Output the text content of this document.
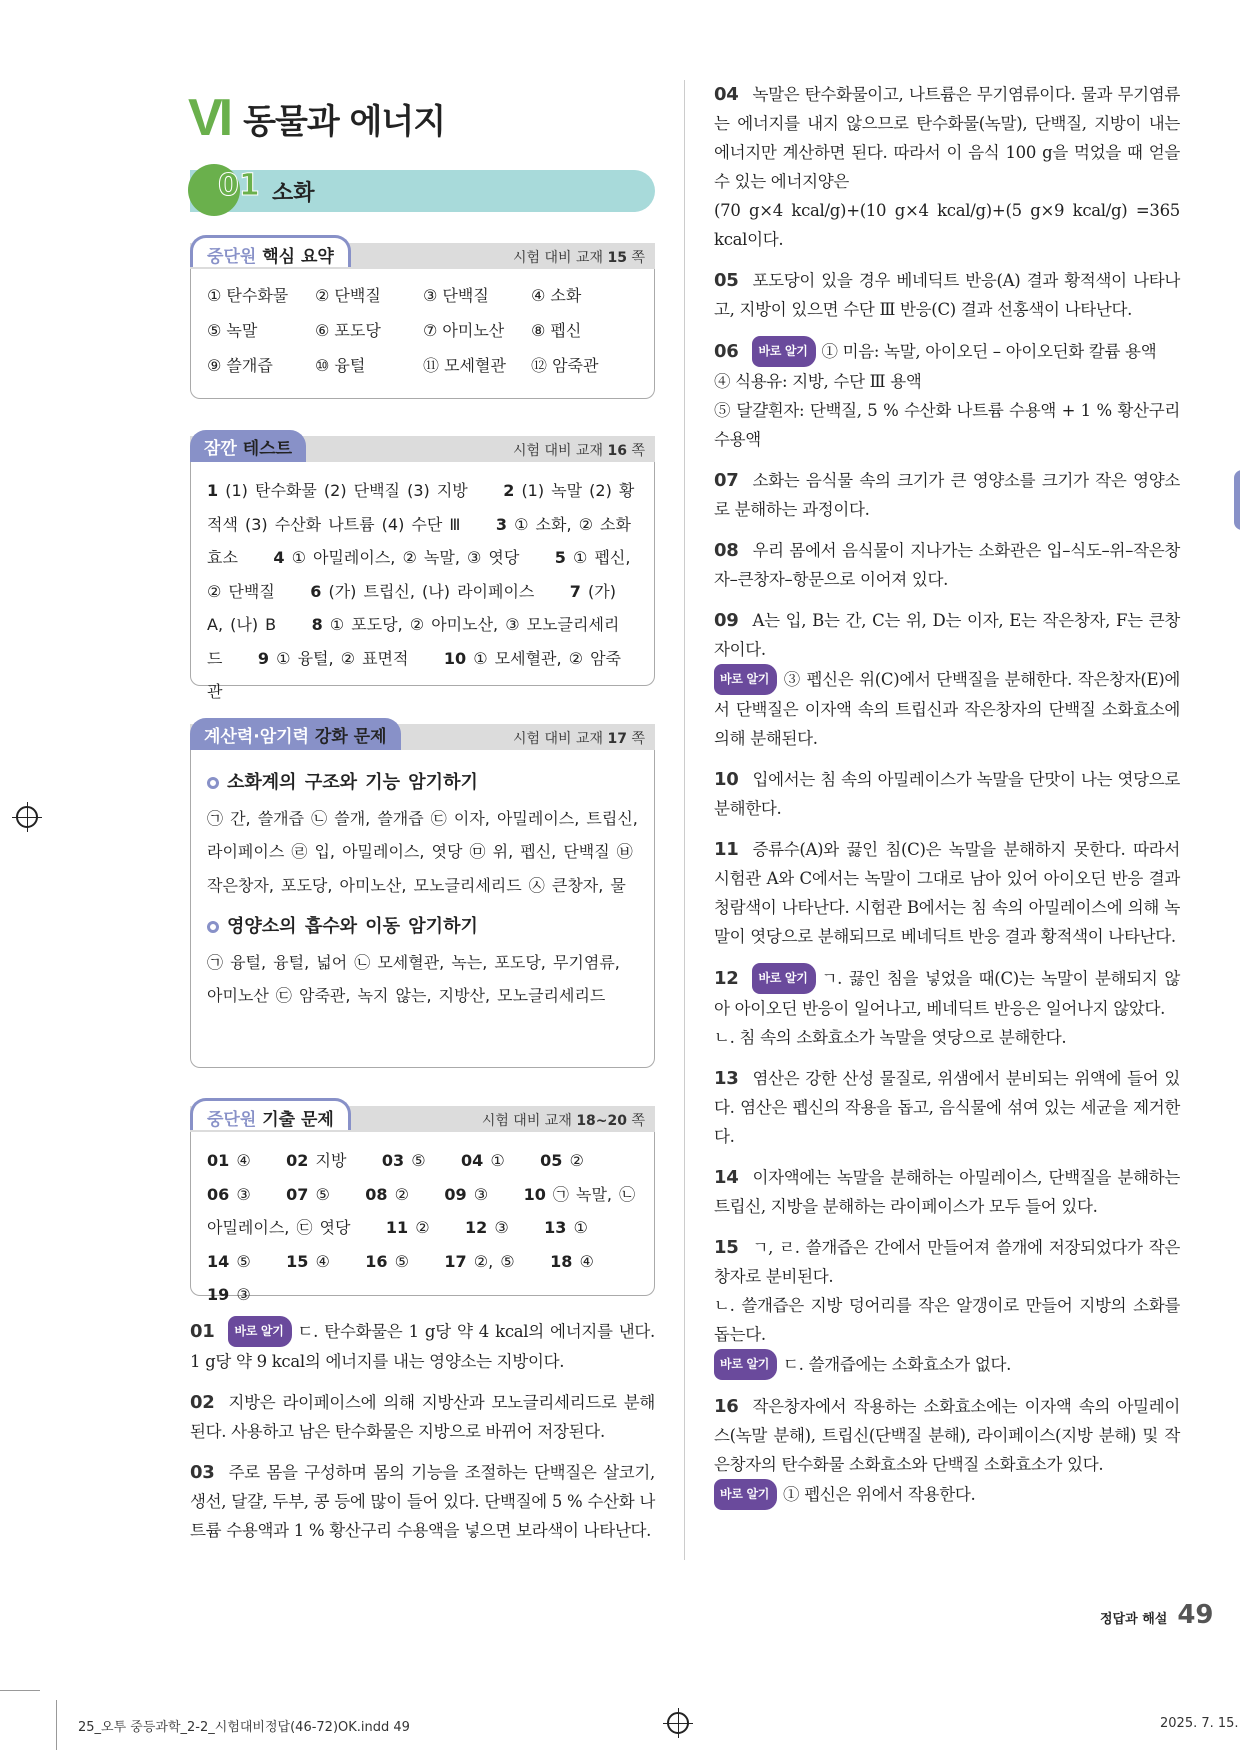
VI 동물과 에너지
01 소화
중단원 핵심 요약	시험 대비 교재 15 쪽
① 탄수화물	② 단백질	③ 단백질	④ 소화
⑤ 녹말	⑥ 포도당	⑦ 아미노산	⑧ 펩신
⑨ 쓸개즙	⑩ 융털	⑪ 모세혈관	⑫ 암죽관
잠깐 테스트	시험 대비 교재 16 쪽
1 (1) 탄수화물 (2) 단백질 (3) 지방 2 (1) 녹말 (2) 황적색 (3) 수산화 나트륨 (4) 수단 Ⅲ 3 ① 소화, ② 소화효소 4 ① 아밀레이스, ② 녹말, ③ 엿당 5 ① 펩신, ② 단백질 6 (가) 트립신, (나) 라이페이스 7 (가) A, (나) B 8 ① 포도당, ② 아미노산, ③ 모노글리세리드 9 ① 융털, ② 표면적 10 ① 모세혈관, ② 암죽관
계산력·암기력 강화 문제	시험 대비 교재 17 쪽
소화계의 구조와 기능 암기하기
㉠ 간, 쓸개즙 ㉡ 쓸개, 쓸개즙 ㉢ 이자, 아밀레이스, 트립신, 라이페이스 ㉣ 입, 아밀레이스, 엿당 ㉤ 위, 펩신, 단백질 ㉥ 작은창자, 포도당, 아미노산, 모노글리세리드 ㉦ 큰창자, 물
영양소의 흡수와 이동 암기하기
㉠ 융털, 융털, 넓어 ㉡ 모세혈관, 녹는, 포도당, 무기염류, 아미노산 ㉢ 암죽관, 녹지 않는, 지방산, 모노글리세리드
중단원 기출 문제	시험 대비 교재 18~20 쪽
01 ④ 02 지방 03 ⑤ 04 ① 05 ②     06 ③ 07 ⑤ 08 ② 09 ③ 10 ㉠ 녹말, ㉡ 아밀레이스, ㉢ 엿당 11 ② 12 ③ 13 ①     14 ⑤ 15 ④ 16 ⑤ 17 ②, ⑤ 18 ④     19 ③
01 바로 알기 ㄷ. 탄수화물은 1 g당 약 4 kcal의 에너지를 낸다. 1 g당 약 9 kcal의 에너지를 내는 영양소는 지방이다.
02 지방은 라이페이스에 의해 지방산과 모노글리세리드로 분해된다. 사용하고 남은 탄수화물은 지방으로 바뀌어 저장된다.
03 주로 몸을 구성하며 몸의 기능을 조절하는 단백질은 살코기, 생선, 달걀, 두부, 콩 등에 많이 들어 있다. 단백질에 5 % 수산화 나트륨 수용액과 1 % 황산구리 수용액을 넣으면 보라색이 나타난다.
04 녹말은 탄수화물이고, 나트륨은 무기염류이다. 물과 무기염류는 에너지를 내지 않으므로 탄수화물(녹말), 단백질, 지방이 내는 에너지만 계산하면 된다. 따라서 이 음식 100 g을 먹었을 때 얻을 수 있는 에너지양은
(70 g×4 kcal/g)+(10 g×4 kcal/g)+(5 g×9 kcal/g) =365 kcal이다.
05 포도당이 있을 경우 베네딕트 반응(A) 결과 황적색이 나타나고, 지방이 있으면 수단 Ⅲ 반응(C) 결과 선홍색이 나타난다.
06 바로 알기 ① 미음: 녹말, 아이오딘 – 아이오딘화 칼륨 용액
④ 식용유: 지방, 수단 Ⅲ 용액
⑤ 달걀흰자: 단백질, 5 % 수산화 나트륨 수용액 + 1 % 황산구리 수용액
07 소화는 음식물 속의 크기가 큰 영양소를 크기가 작은 영양소로 분해하는 과정이다.
08 우리 몸에서 음식물이 지나가는 소화관은 입–식도–위–작은창자–큰창자–항문으로 이어져 있다.
09 A는 입, B는 간, C는 위, D는 이자, E는 작은창자, F는 큰창자이다.
바로 알기 ③ 펩신은 위(C)에서 단백질을 분해한다. 작은창자(E)에서 단백질은 이자액 속의 트립신과 작은창자의 단백질 소화효소에 의해 분해된다.
10 입에서는 침 속의 아밀레이스가 녹말을 단맛이 나는 엿당으로 분해한다.
11 증류수(A)와 끓인 침(C)은 녹말을 분해하지 못한다. 따라서 시험관 A와 C에서는 녹말이 그대로 남아 있어 아이오딘 반응 결과 청람색이 나타난다. 시험관 B에서는 침 속의 아밀레이스에 의해 녹말이 엿당으로 분해되므로 베네딕트 반응 결과 황적색이 나타난다.
12 바로 알기 ㄱ. 끓인 침을 넣었을 때(C)는 녹말이 분해되지 않아 아이오딘 반응이 일어나고, 베네딕트 반응은 일어나지 않았다.
ㄴ. 침 속의 소화효소가 녹말을 엿당으로 분해한다.
13 염산은 강한 산성 물질로, 위샘에서 분비되는 위액에 들어 있다. 염산은 펩신의 작용을 돕고, 음식물에 섞여 있는 세균을 제거한다.
14 이자액에는 녹말을 분해하는 아밀레이스, 단백질을 분해하는 트립신, 지방을 분해하는 라이페이스가 모두 들어 있다.
15 ㄱ, ㄹ. 쓸개즙은 간에서 만들어져 쓸개에 저장되었다가 작은창자로 분비된다.
ㄴ. 쓸개즙은 지방 덩어리를 작은 알갱이로 만들어 지방의 소화를 돕는다.
바로 알기 ㄷ. 쓸개즙에는 소화효소가 없다.
16 작은창자에서 작용하는 소화효소에는 이자액 속의 아밀레이스(녹말 분해), 트립신(단백질 분해), 라이페이스(지방 분해) 및 작은창자의 탄수화물 소화효소와 단백질 소화효소가 있다.
바로 알기 ① 펩신은 위에서 작용한다.
정답과 해설 49
25_오투 중등과학_2-2_시험대비정답(46-72)OK.indd 49	2025. 7. 15.
